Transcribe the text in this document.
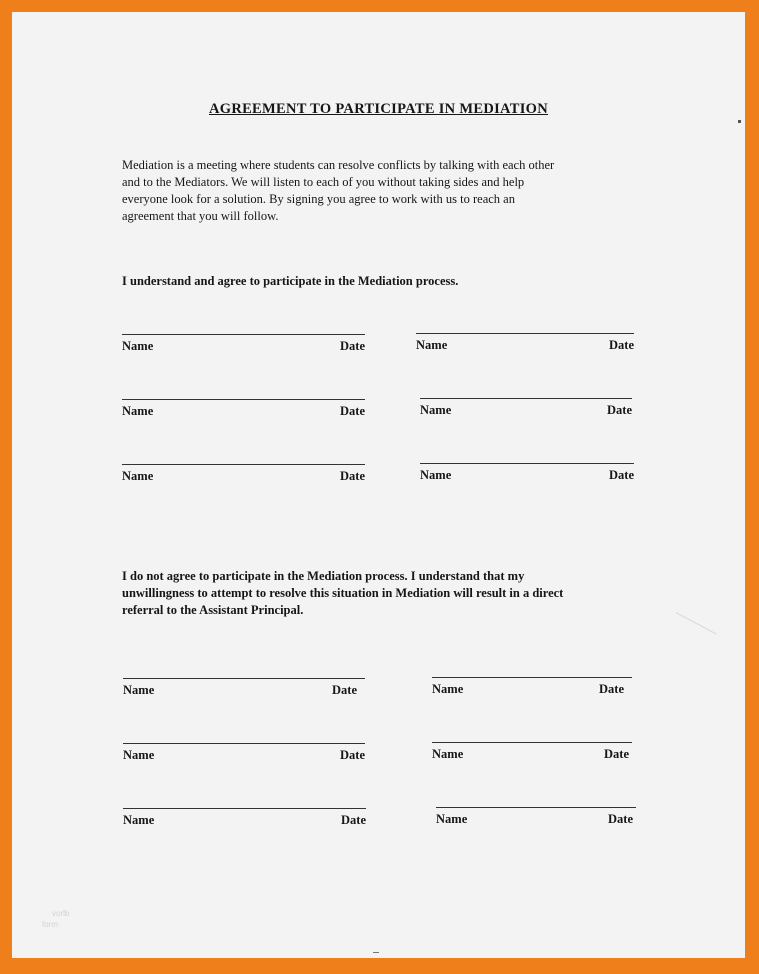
AGREEMENT TO PARTICIPATE IN MEDIATION
Mediation is a meeting where students can resolve conflicts by talking with each other
and to the Mediators. We will listen to each of you without taking sides and help
everyone look for a solution. By signing you agree to work with us to reach an
agreement that you will follow.
I understand and agree to participate in the Mediation process.
Name	Date	Name	Date
Name	Date	Name	Date
Name	Date	Name	Date
I do not agree to participate in the Mediation process. I understand that my
unwillingness to attempt to resolve this situation in Mediation will result in a direct
referral to the Assistant Principal.
Name	Date	Name	Date
Name	Date	Name	Date
Name	Date	Name	Date
vorlb
form
